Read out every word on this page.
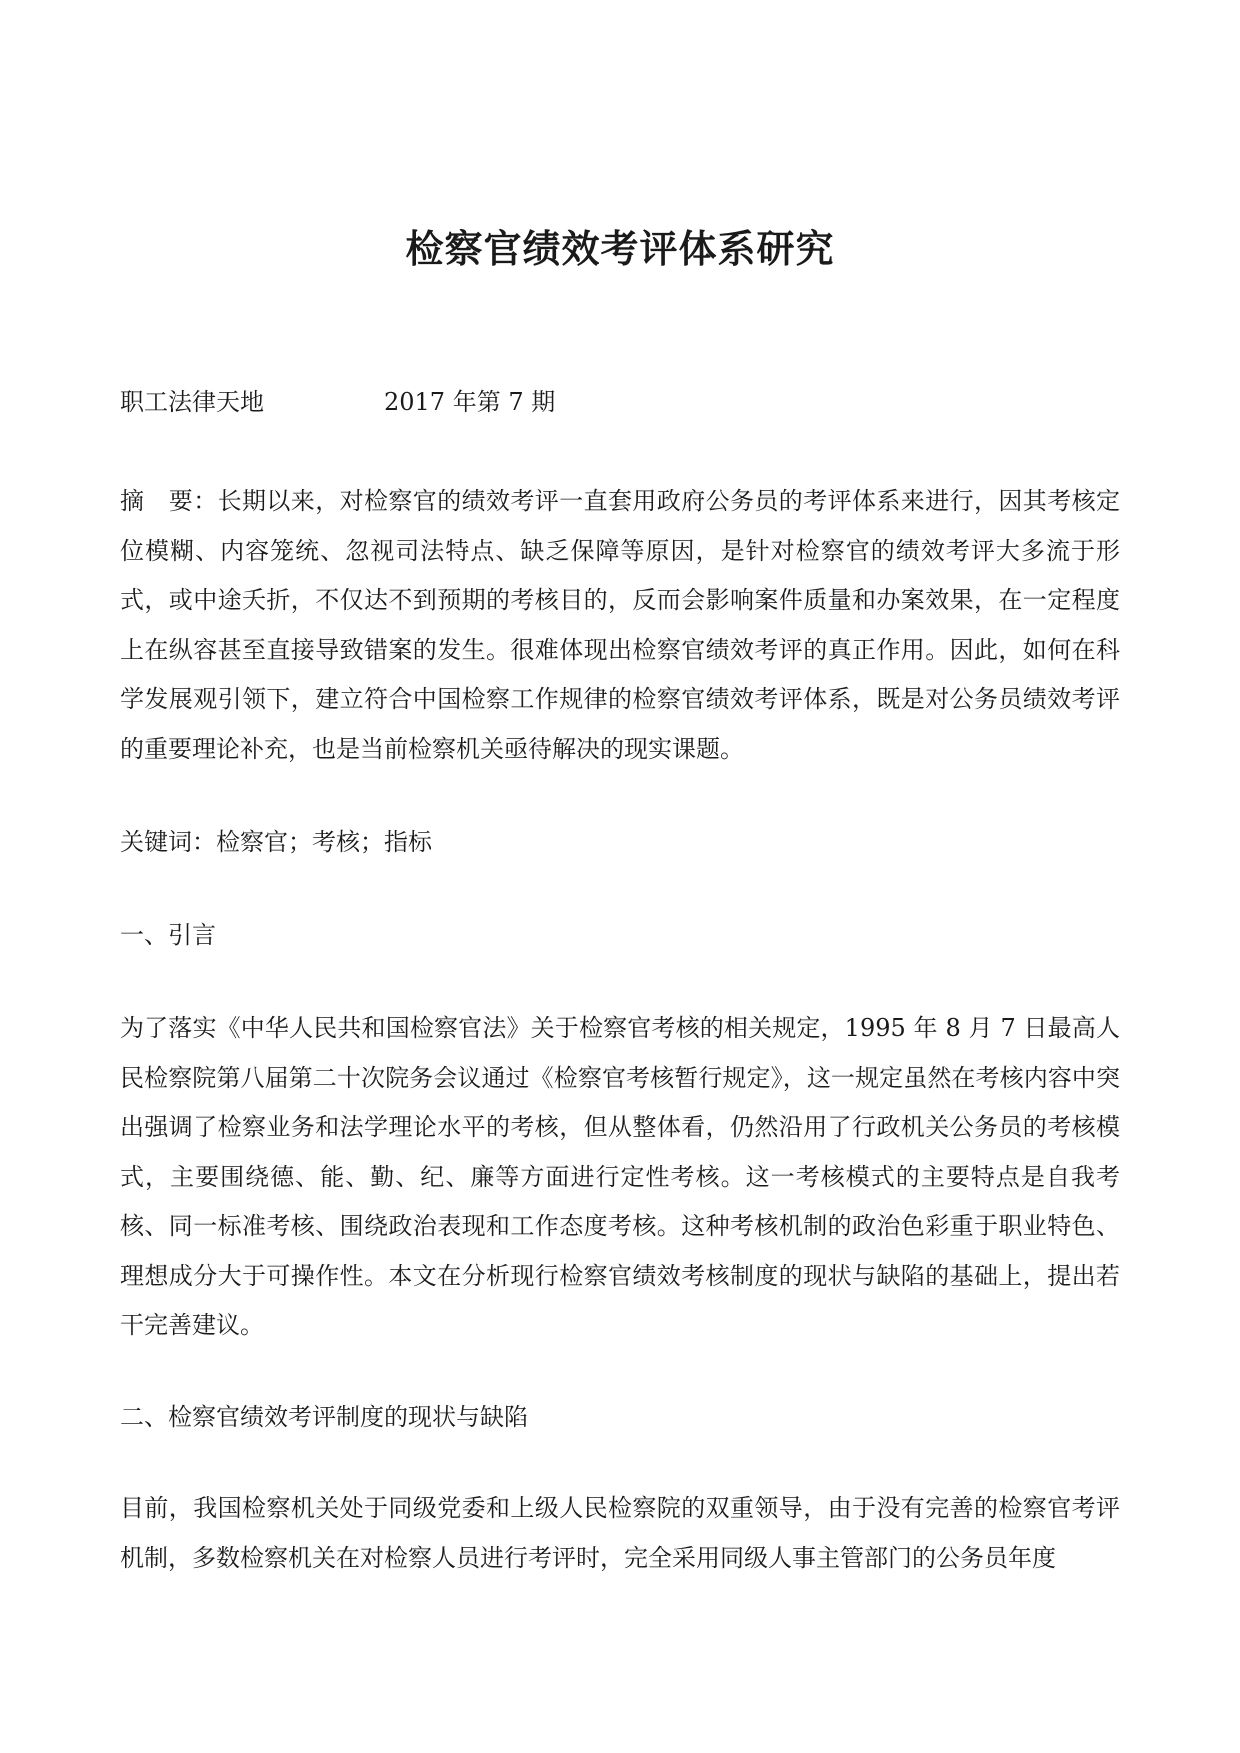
检察官绩效考评体系研究
职工法律天地	2017 年第 7 期
摘 要：长期以来，对检察官的绩效考评一直套用政府公务员的考评体系来进行，因其考核定位模糊、内容笼统、忽视司法特点、缺乏保障等原因，是针对检察官的绩效考评大多流于形式，或中途夭折，不仅达不到预期的考核目的，反而会影响案件质量和办案效果，在一定程度上在纵容甚至直接导致错案的发生。很难体现出检察官绩效考评的真正作用。因此，如何在科学发展观引领下，建立符合中国检察工作规律的检察官绩效考评体系，既是对公务员绩效考评的重要理论补充，也是当前检察机关亟待解决的现实课题。
关键词：检察官；考核；指标
一、引言
为了落实《中华人民共和国检察官法》关于检察官考核的相关规定，1995 年 8 月 7 日最高人民检察院第八届第二十次院务会议通过《检察官考核暂行规定》，这一规定虽然在考核内容中突出强调了检察业务和法学理论水平的考核，但从整体看，仍然沿用了行政机关公务员的考核模式，主要围绕德、能、勤、纪、廉等方面进行定性考核。这一考核模式的主要特点是自我考核、同一标准考核、围绕政治表现和工作态度考核。这种考核机制的政治色彩重于职业特色、理想成分大于可操作性。本文在分析现行检察官绩效考核制度的现状与缺陷的基础上，提出若干完善建议。
二、检察官绩效考评制度的现状与缺陷
目前，我国检察机关处于同级党委和上级人民检察院的双重领导，由于没有完善的检察官考评机制，多数检察机关在对检察人员进行考评时，完全采用同级人事主管部门的公务员年度
